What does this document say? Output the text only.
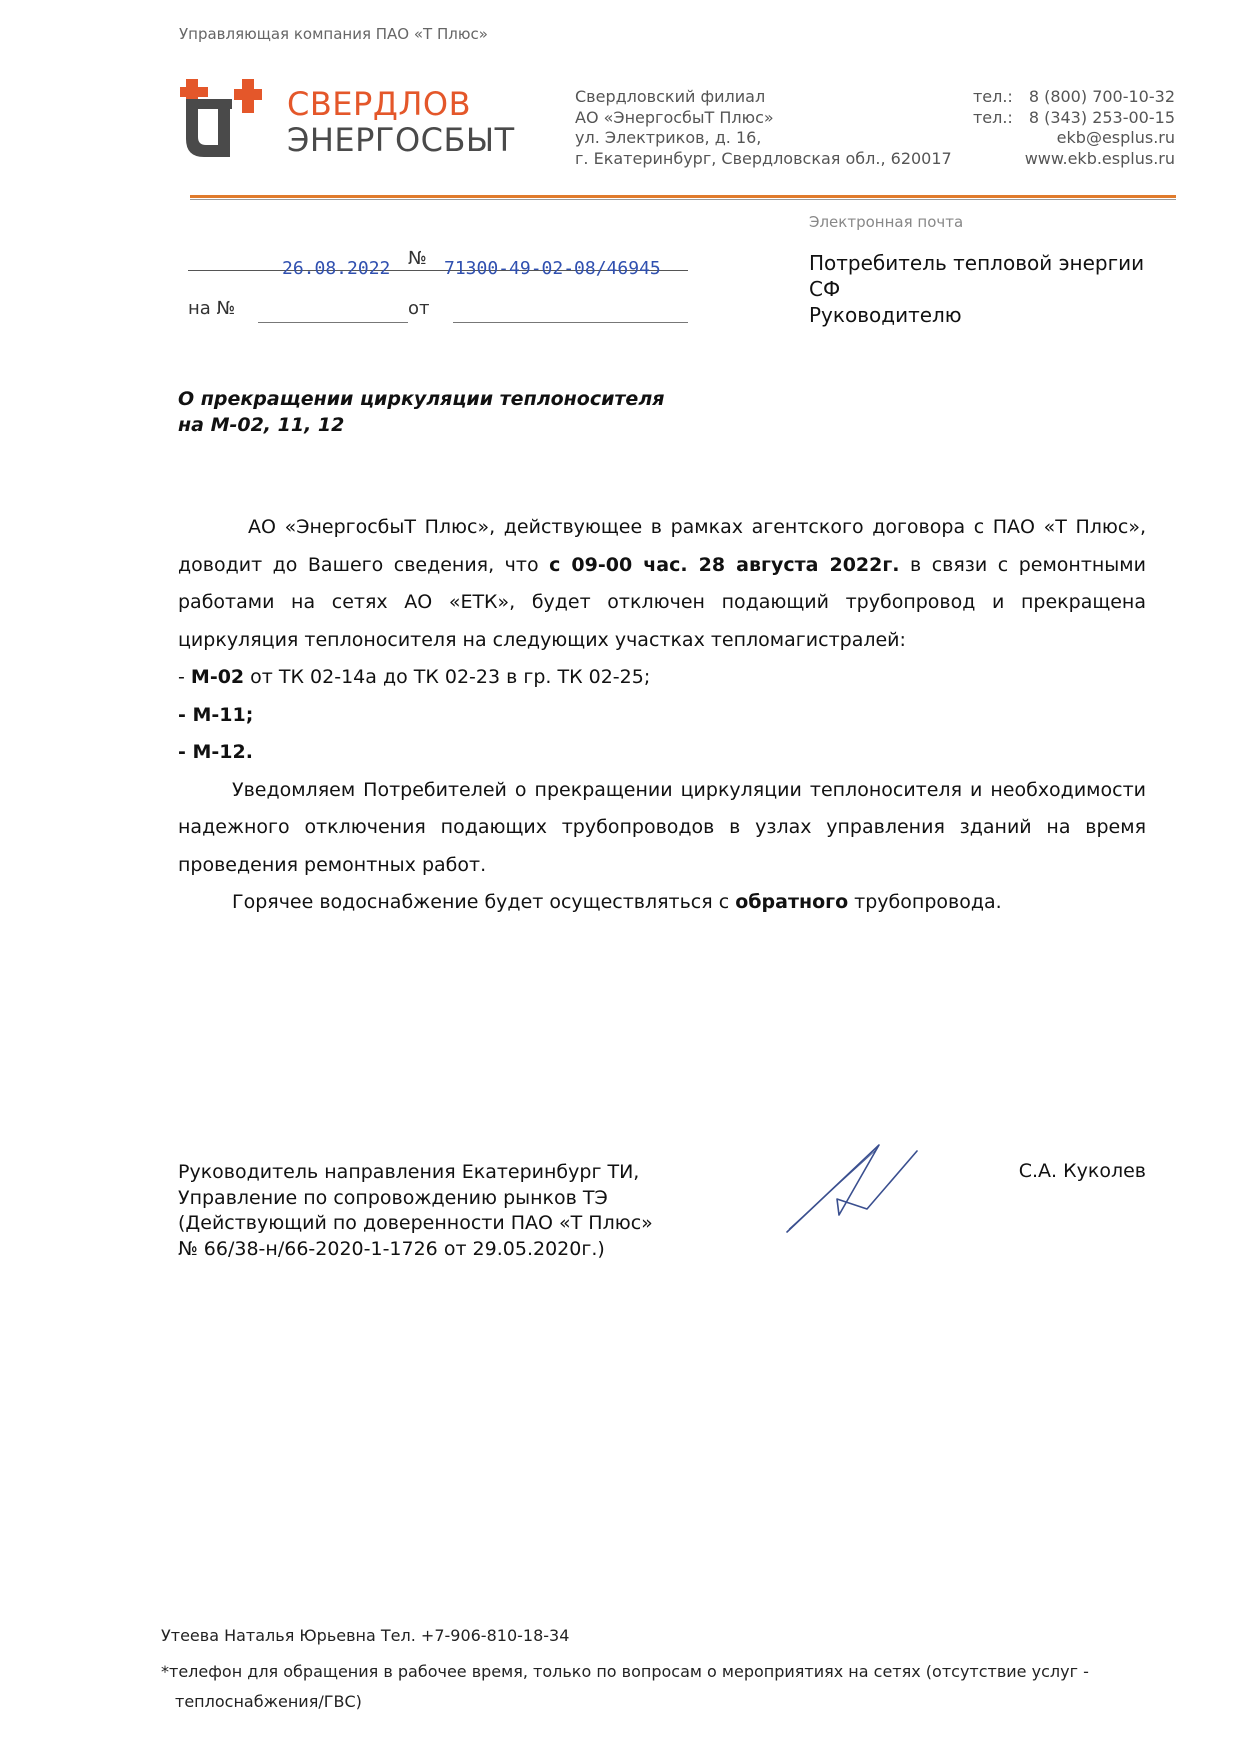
Управляющая компания ПАО «Т Плюс»
СВЕРДЛОВ
ЭНЕРГОСБЫТ
Свердловский филиал
АО «ЭнергосбыТ Плюс»
ул. Электриков, д. 16,
г. Екатеринбург, Свердловская обл., 620017
тел.: 8 (800) 700-10-32
тел.: 8 (343) 253-00-15
ekb@esplus.ru
www.ekb.esplus.ru
Электронная почта
26.08.2022 № 71300-49-02-08/46945
на №	от
Потребитель тепловой энергии
СФ
Руководителю
О прекращении циркуляции теплоносителя
на М-02, 11, 12

АО «ЭнергосбыТ Плюс», действующее в рамках агентского договора с ПАО «Т Плюс», доводит до Вашего сведения, что с 09-00 час. 28 августа 2022г. в связи с ремонтными работами на сетях АО «ЕТК», будет отключен подающий трубопровод и прекращена циркуляция теплоносителя на следующих участках тепломагистралей:

- М-02 от ТК 02-14а до ТК 02-23 в гр. ТК 02-25;
- М-11;
- М-12.

Уведомляем Потребителей о прекращении циркуляции теплоносителя и необходимости надежного отключения подающих трубопроводов в узлах управления зданий на время проведения ремонтных работ.

Горячее водоснабжение будет осуществляться с обратного трубопровода.

Руководитель направления Екатеринбург ТИ,
Управление по сопровождению рынков ТЭ
(Действующий по доверенности ПАО «Т Плюс»
№ 66/38-н/66-2020-1-1726 от 29.05.2020г.)
С.А. Куколев
Утеева Наталья Юрьевна Тел. +7-906-810-18-34
*телефон для обращения в рабочее время, только по вопросам о мероприятиях на сетях (отсутствие услуг -
теплоснабжения/ГВС)
